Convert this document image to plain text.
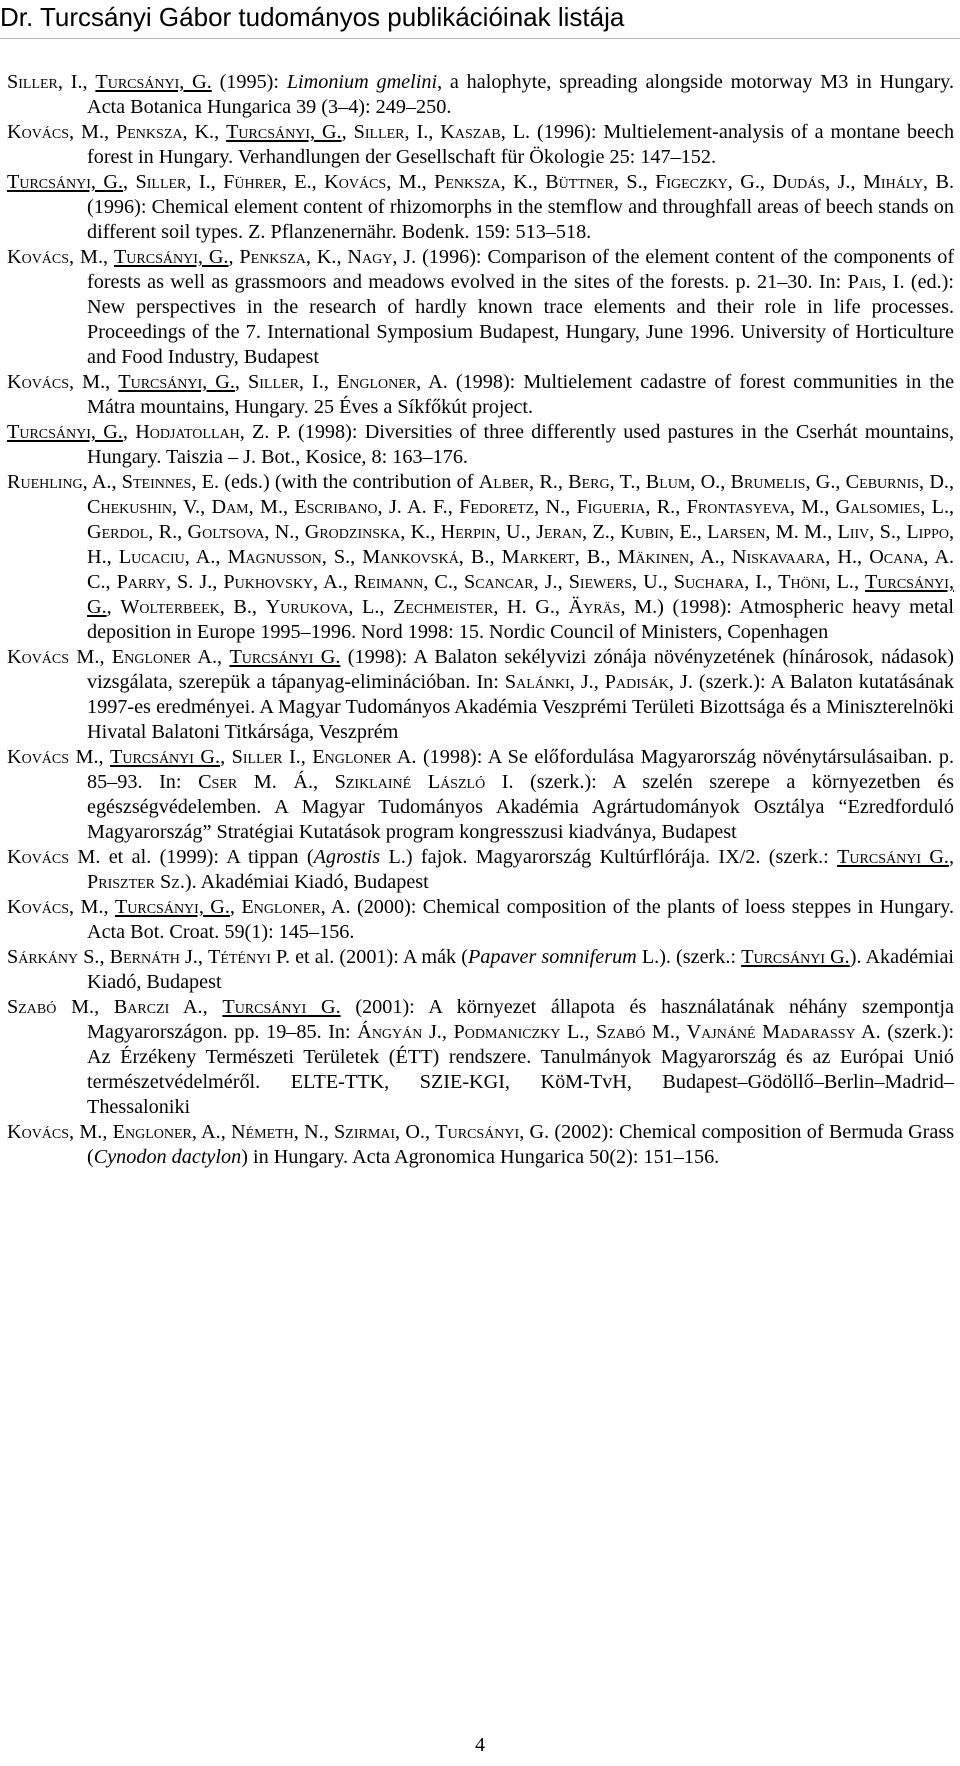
Dr. Turcsányi Gábor tudományos publikációinak listája

Siller, I., Turcsányi, G. (1995): Limonium gmelini, a halophyte, spreading alongside motorway M3 in Hungary. Acta Botanica Hungarica 39 (3–4): 249–250.

Kovács, M., Penksza, K., Turcsányi, G., Siller, I., Kaszab, L. (1996): Multielement-analysis of a montane beech forest in Hungary. Verhandlungen der Gesellschaft für Ökologie 25: 147–152.

Turcsányi, G., Siller, I., Führer, E., Kovács, M., Penksza, K., Büttner, S., Figeczky, G., Dudás, J., Mihály, B. (1996): Chemical element content of rhizomorphs in the stemflow and throughfall areas of beech stands on different soil types. Z. Pflanzenernähr. Bodenk. 159: 513–518.

Kovács, M., Turcsányi, G., Penksza, K., Nagy, J. (1996): Comparison of the element content of the components of forests as well as grassmoors and meadows evolved in the sites of the forests. p. 21–30. In: Pais, I. (ed.): New perspectives in the research of hardly known trace elements and their role in life processes. Proceedings of the 7. International Symposium Budapest, Hungary, June 1996. University of Horticulture and Food Industry, Budapest

Kovács, M., Turcsányi, G., Siller, I., Engloner, A. (1998): Multielement cadastre of forest communities in the Mátra mountains, Hungary. 25 Éves a Síkfőkút project.

Turcsányi, G., Hodjatollah, Z. P. (1998): Diversities of three differently used pastures in the Cserhát mountains, Hungary. Taiszia – J. Bot., Kosice, 8: 163–176.

Ruehling, A., Steinnes, E. (eds.) (with the contribution of Alber, R., Berg, T., Blum, O., Brumelis, G., Ceburnis, D., Chekushin, V., Dam, M., Escribano, J. A. F., Fedoretz, N., Figueria, R., Frontasyeva, M., Galsomies, L., Gerdol, R., Goltsova, N., Grodzinska, K., Herpin, U., Jeran, Z., Kubin, E., Larsen, M. M., Liiv, S., Lippo, H., Lucaciu, A., Magnusson, S., Mankovská, B., Markert, B., Mäkinen, A., Niskavaara, H., Ocana, A. C., Parry, S. J., Pukhovsky, A., Reimann, C., Scancar, J., Siewers, U., Suchara, I., Thöni, L., Turcsányi, G., Wolterbeek, B., Yurukova, L., Zechmeister, H. G., Äyräs, M.) (1998): Atmospheric heavy metal deposition in Europe 1995–1996. Nord 1998: 15. Nordic Council of Ministers, Copenhagen

Kovács M., Engloner A., Turcsányi G. (1998): A Balaton sekélyvizi zónája növényzetének (hínárosok, nádasok) vizsgálata, szerepük a tápanyag-eliminációban. In: Salánki, J., Padisák, J. (szerk.): A Balaton kutatásának 1997-es eredményei. A Magyar Tudományos Akadémia Veszprémi Területi Bizottsága és a Miniszterelnöki Hivatal Balatoni Titkársága, Veszprém

Kovács M., Turcsányi G., Siller I., Engloner A. (1998): A Se előfordulása Magyarország növénytársulásaiban. p. 85–93. In: Cser M. Á., Sziklainé László I. (szerk.): A szelén szerepe a környezetben és egészségvédelemben. A Magyar Tudományos Akadémia Agrártudományok Osztálya “Ezredforduló Magyarország” Stratégiai Kutatások program kongresszusi kiadványa, Budapest

Kovács M. et al. (1999): A tippan (Agrostis L.) fajok. Magyarország Kultúrflórája. IX/2. (szerk.: Turcsányi G., Priszter Sz.). Akadémiai Kiadó, Budapest

Kovács, M., Turcsányi, G., Engloner, A. (2000): Chemical composition of the plants of loess steppes in Hungary. Acta Bot. Croat. 59(1): 145–156.

Sárkány S., Bernáth J., Tétényi P. et al. (2001): A mák (Papaver somniferum L.). (szerk.: Turcsányi G.). Akadémiai Kiadó, Budapest

Szabó M., Barczi A., Turcsányi G. (2001): A környezet állapota és használatának néhány szempontja Magyarországon. pp. 19–85. In: Ángyán J., Podmaniczky L., Szabó M., Vajnáné Madarassy A. (szerk.): Az Érzékeny Természeti Területek (ÉTT) rendszere. Tanulmányok Magyarország és az Európai Unió természetvédelméről. ELTE-TTK, SZIE-KGI, KöM-TvH, Budapest–Gödöllő–Berlin–Madrid–Thessaloniki

Kovács, M., Engloner, A., Németh, N., Szirmai, O., Turcsányi, G. (2002): Chemical composition of Bermuda Grass (Cynodon dactylon) in Hungary. Acta Agronomica Hungarica 50(2): 151–156.

4
